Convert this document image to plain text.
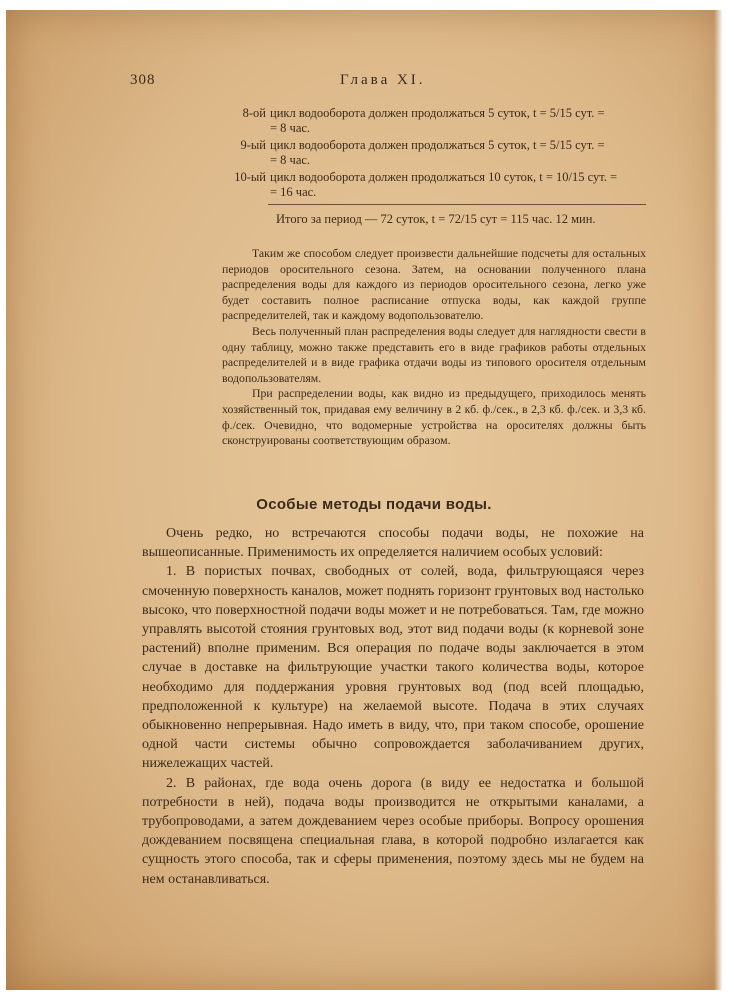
308	Глава XI.
8-ой цикл водооборота должен продолжаться 5 суток, t = 5/15 сут. =
= 8 час.
9-ый цикл водооборота должен продолжаться 5 суток, t = 5/15 сут. =
= 8 час.
10-ый цикл водооборота должен продолжаться 10 суток, t = 10/15 сут. =
= 16 час.
Итого за период — 72 суток, t = 72/15 сут = 115 час. 12 мин.

Таким же способом следует произвести дальнейшие подсчеты для остальных периодов оросительного сезона. Затем, на основании полученного плана распределения воды для каждого из периодов оросительного сезона, легко уже будет составить полное расписание отпуска воды, как каждой группе распределителей, так и каждому водопользователю.

Весь полученный план распределения воды следует для наглядности свести в одну таблицу, можно также представить его в виде графиков работы отдельных распределителей и в виде графика отдачи воды из типового оросителя отдельным водопользователям.

При распределении воды, как видно из предыдущего, приходилось менять хозяйственный ток, придавая ему величину в 2 кб. ф./сек., в 2,3 кб. ф./сек. и 3,3 кб. ф./сек. Очевидно, что водомерные устройства на оросителях должны быть сконструированы соответствующим образом.

Особые методы подачи воды.

Очень редко, но встречаются способы подачи воды, не похожие на вышеописанные. Применимость их определяется наличием особых условий:

1. В пористых почвах, свободных от солей, вода, фильтрующаяся через смоченную поверхность каналов, может поднять горизонт грунтовых вод настолько высоко, что поверхностной подачи воды может и не потребоваться. Там, где можно управлять высотой стояния грунтовых вод, этот вид подачи воды (к корневой зоне растений) вполне применим. Вся операция по подаче воды заключается в этом случае в доставке на фильтрующие участки такого количества воды, которое необходимо для поддержания уровня грунтовых вод (под всей площадью, предположенной к культуре) на желаемой высоте. Подача в этих случаях обыкновенно непрерывная. Надо иметь в виду, что, при таком способе, орошение одной части системы обычно сопровождается заболачиванием других, нижележащих частей.

2. В районах, где вода очень дорога (в виду ее недостатка и большой потребности в ней), подача воды производится не открытыми каналами, а трубопроводами, а затем дождеванием через особые приборы. Вопросу орошения дождеванием посвящена специальная глава, в которой подробно излагается как сущность этого способа, так и сферы применения, поэтому здесь мы не будем на нем останавливаться.
